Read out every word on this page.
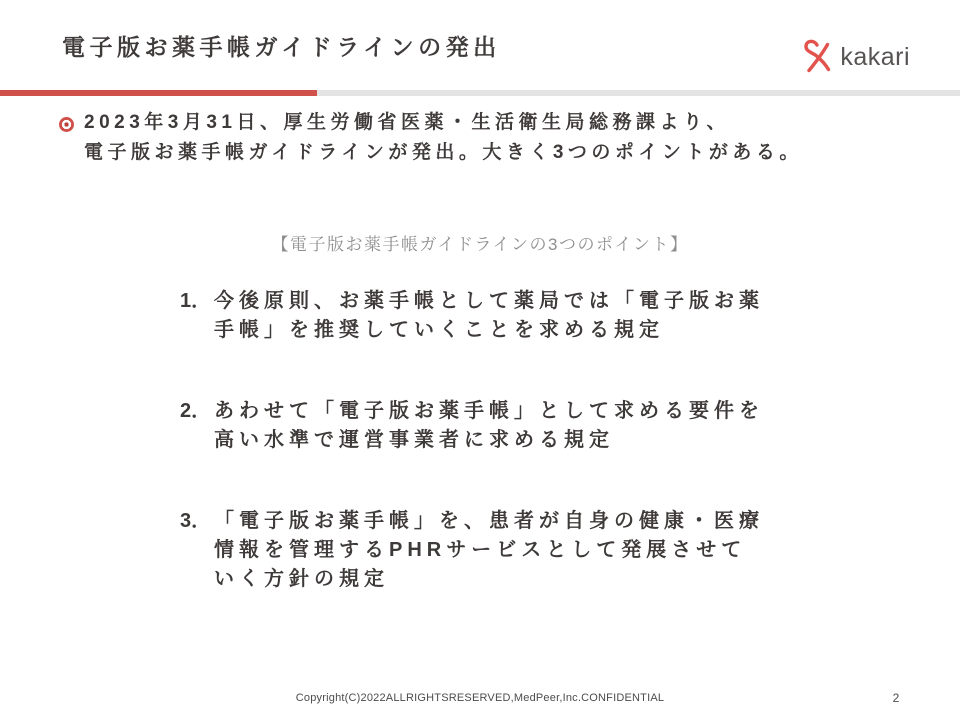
電子版お薬手帳ガイドラインの発出	kakari

2023年3月31日、厚生労働省医薬・生活衛生局総務課より、
電子版お薬手帳ガイドラインが発出。大きく3つのポイントがある。

【電子版お薬手帳ガイドラインの3つのポイント】
1． 今後原則、お薬手帳として薬局では「電子版お薬
手帳」を推奨していくことを求める規定
2． あわせて「電子版お薬手帳」として求める要件を
高い水準で運営事業者に求める規定
3． 「電子版お薬手帳」を、患者が自身の健康・医療
情報を管理するPHRサービスとして発展させて
いく方針の規定
Copyright(C)2022ALLRIGHTSRESERVED,MedPeer,Inc.CONFIDENTIAL	2
